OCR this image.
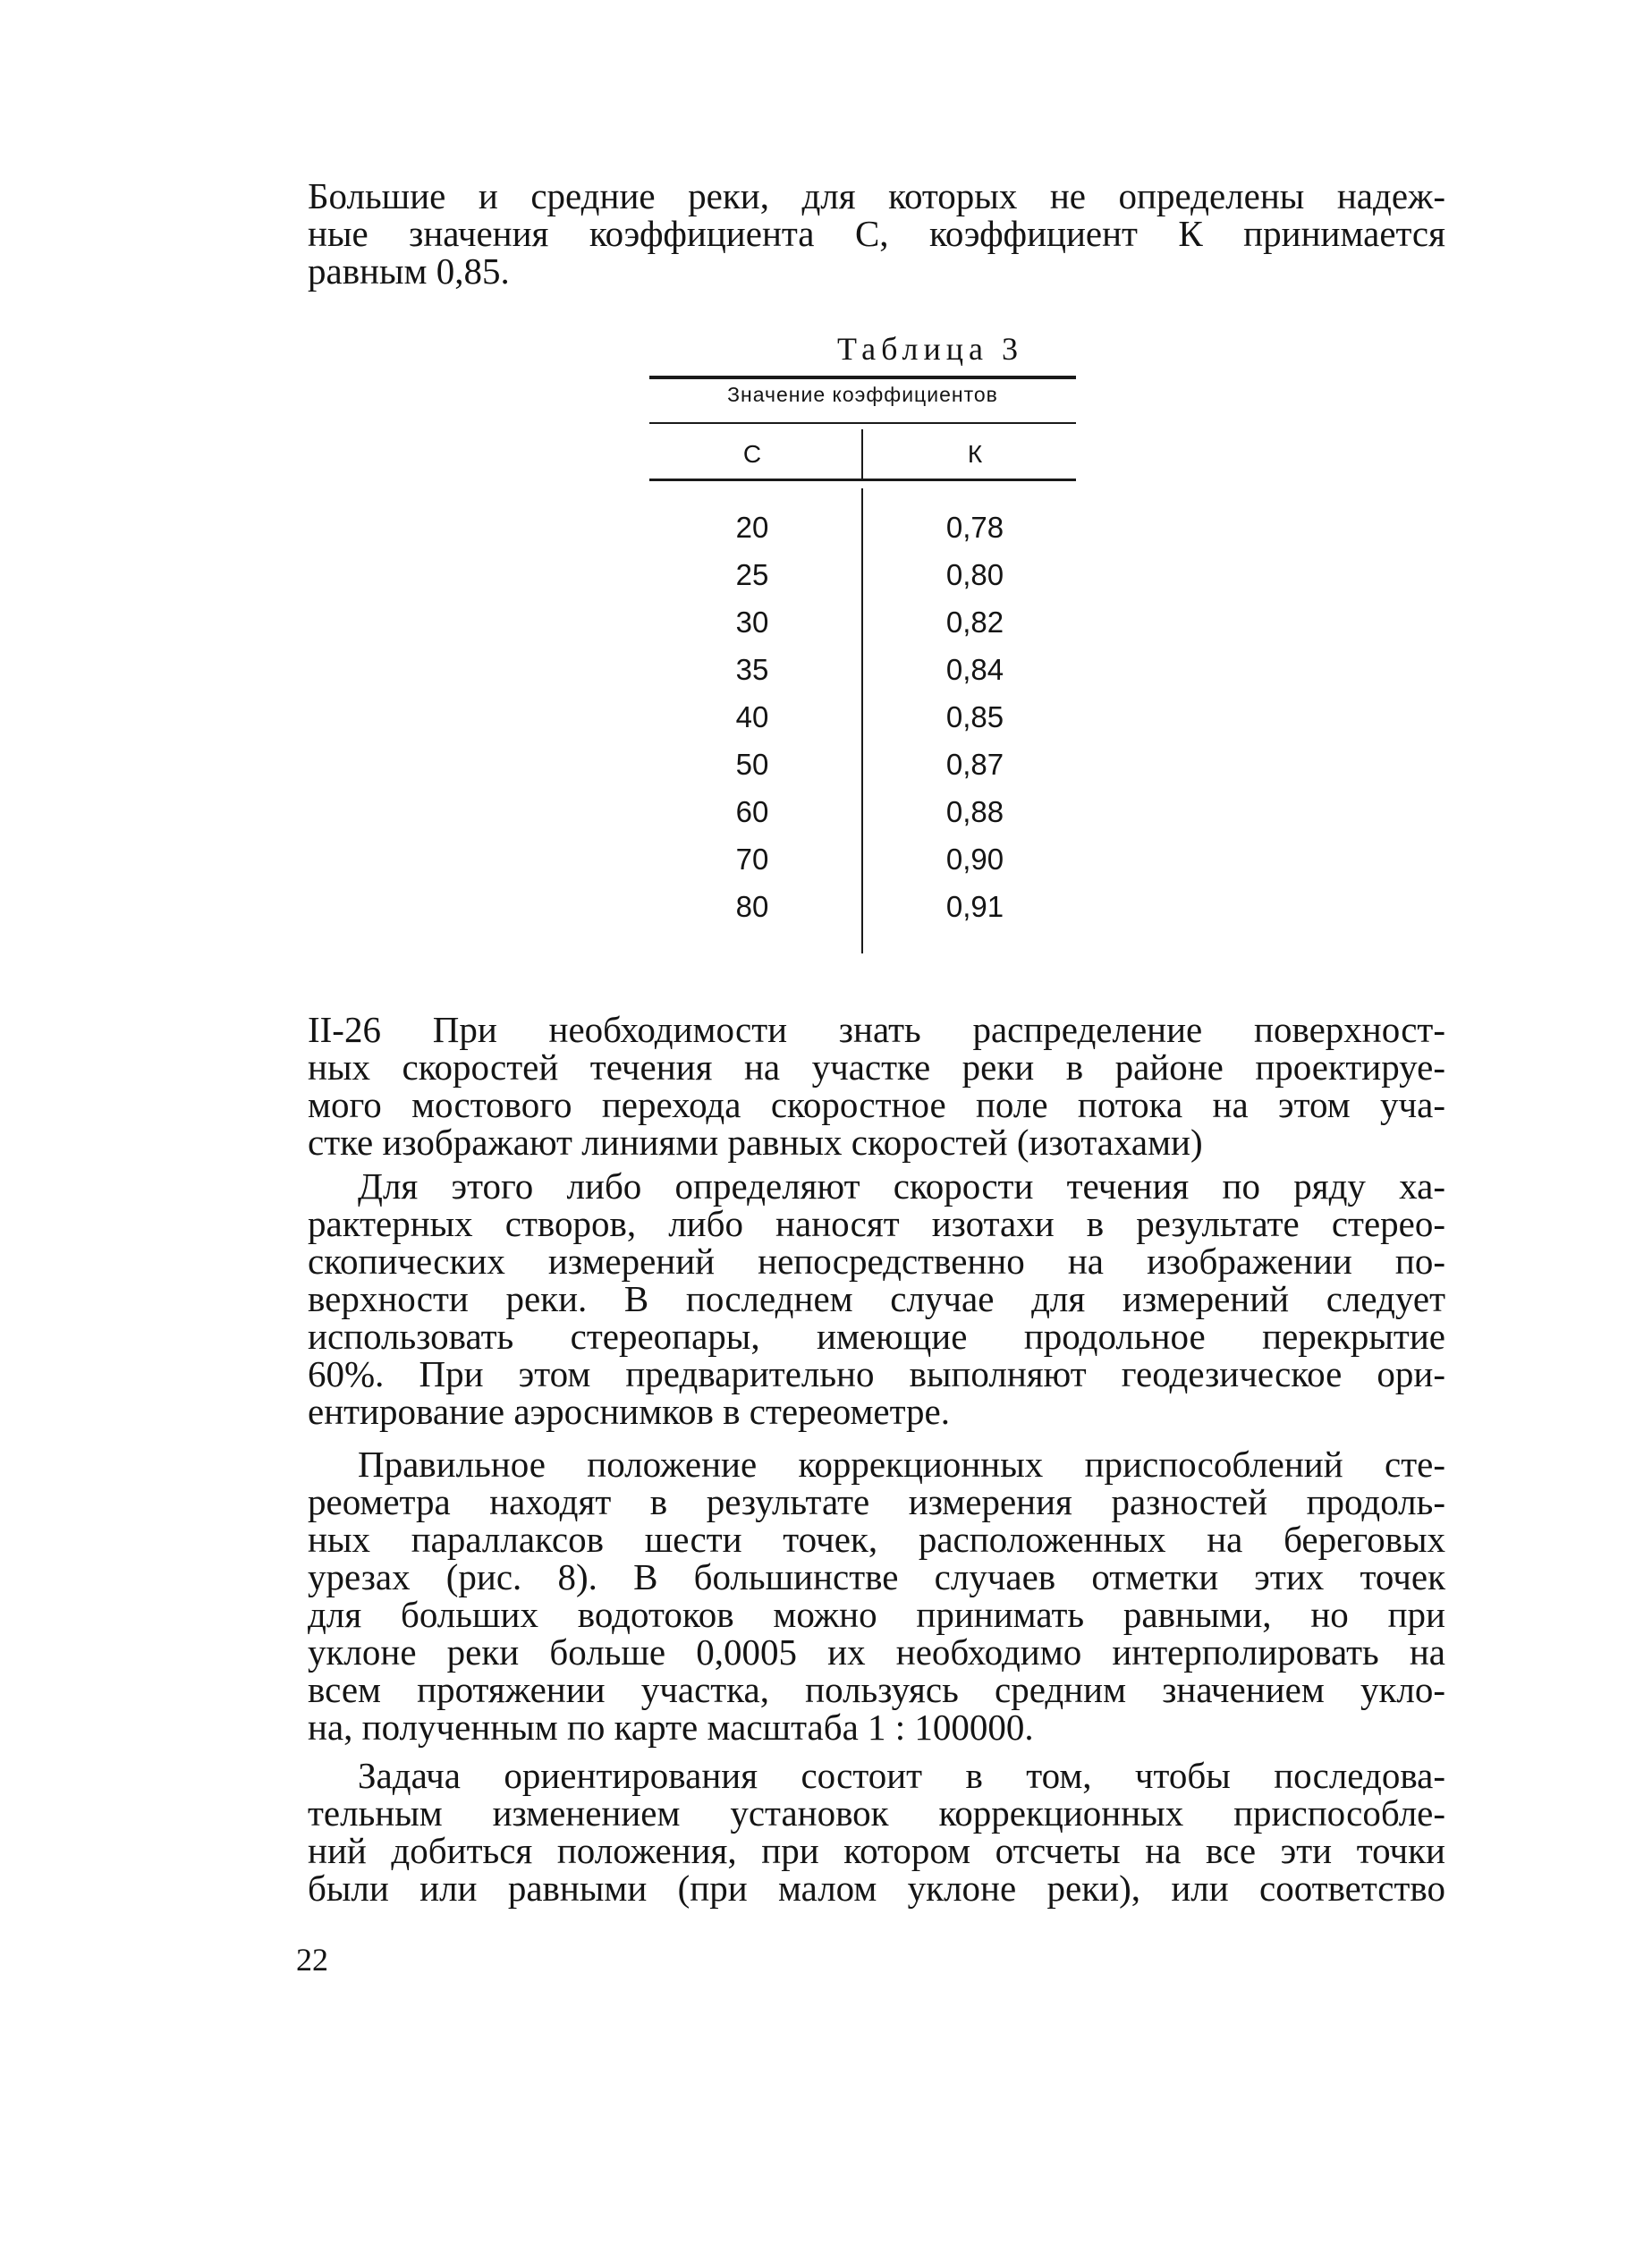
Большие и средние реки, для которых не определены надеж-
ные значения коэффициента С, коэффициент К принимается
равным 0,85.

Таблица 3

Значение коэффициентов
С	К
20	0,78
25	0,80
30	0,82
35	0,84
40	0,85
50	0,87
60	0,88
70	0,90
80	0,91
II-26 При необходимости знать распределение поверхност-
ных скоростей течения на участке реки в районе проектируе-
мого мостового перехода скоростное поле потока на этом уча-
стке изображают линиями равных скоростей (изотахами)
Для этого либо определяют скорости течения по ряду ха-
рактерных створов, либо наносят изотахи в результате стерео-
скопических измерений непосредственно на изображении по-
верхности реки. В последнем случае для измерений следует
использовать стереопары, имеющие продольное перекрытие
60%. При этом предварительно выполняют геодезическое ори-
ентирование аэроснимков в стереометре.
Правильное положение коррекционных приспособлений сте-
реометра находят в результате измерения разностей продоль-
ных параллаксов шести точек, расположенных на береговых
урезах (рис. 8). В большинстве случаев отметки этих точек
для больших водотоков можно принимать равными, но при
уклоне реки больше 0,0005 их необходимо интерполировать на
всем протяжении участка, пользуясь средним значением укло-
на, полученным по карте масштаба 1 : 100000.
Задача ориентирования состоит в том, чтобы последова-
тельным изменением установок коррекционных приспособле-
ний добиться положения, при котором отсчеты на все эти точки
были или равными (при малом уклоне реки), или соответство

22
